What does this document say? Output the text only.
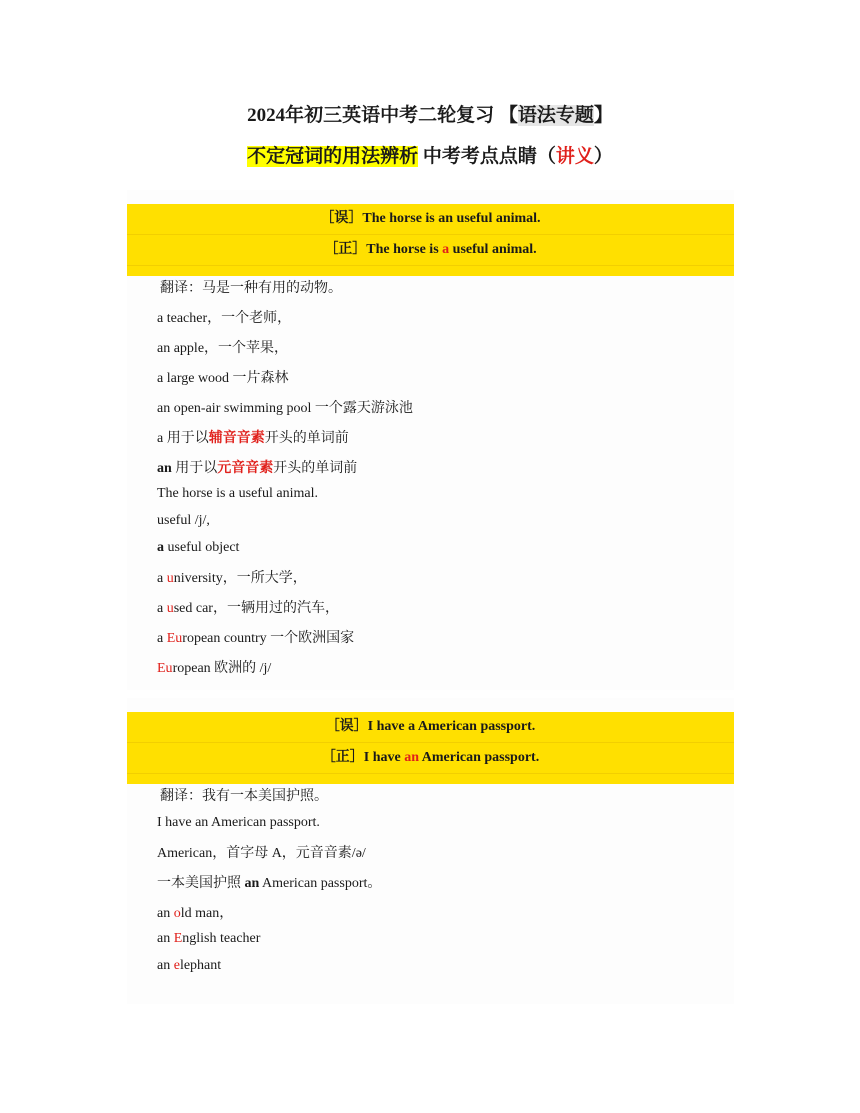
2024年初三英语中考二轮复习 【语法专题】
不定冠词的用法辨析 中考考点点睛（讲义）
［误］The horse is an useful animal.
［正］The horse is a useful animal.
翻译：马是一种有用的动物。
a teacher，一个老师，
an apple，一个苹果，
a large wood 一片森林
an open-air swimming pool 一个露天游泳池
a 用于以辅音音素开头的单词前
an 用于以元音音素开头的单词前
The horse is a useful animal.
useful /j/,
a useful object
a university，一所大学，
a used car，一辆用过的汽车，
a European country 一个欧洲国家
European 欧洲的 /j/
［误］I have a American passport.
［正］I have an American passport.
翻译：我有一本美国护照。
I have an American passport.
American，首字母 A，元音音素/ə/
一本美国护照 an American passport。
an old man，
an English teacher
an elephant
